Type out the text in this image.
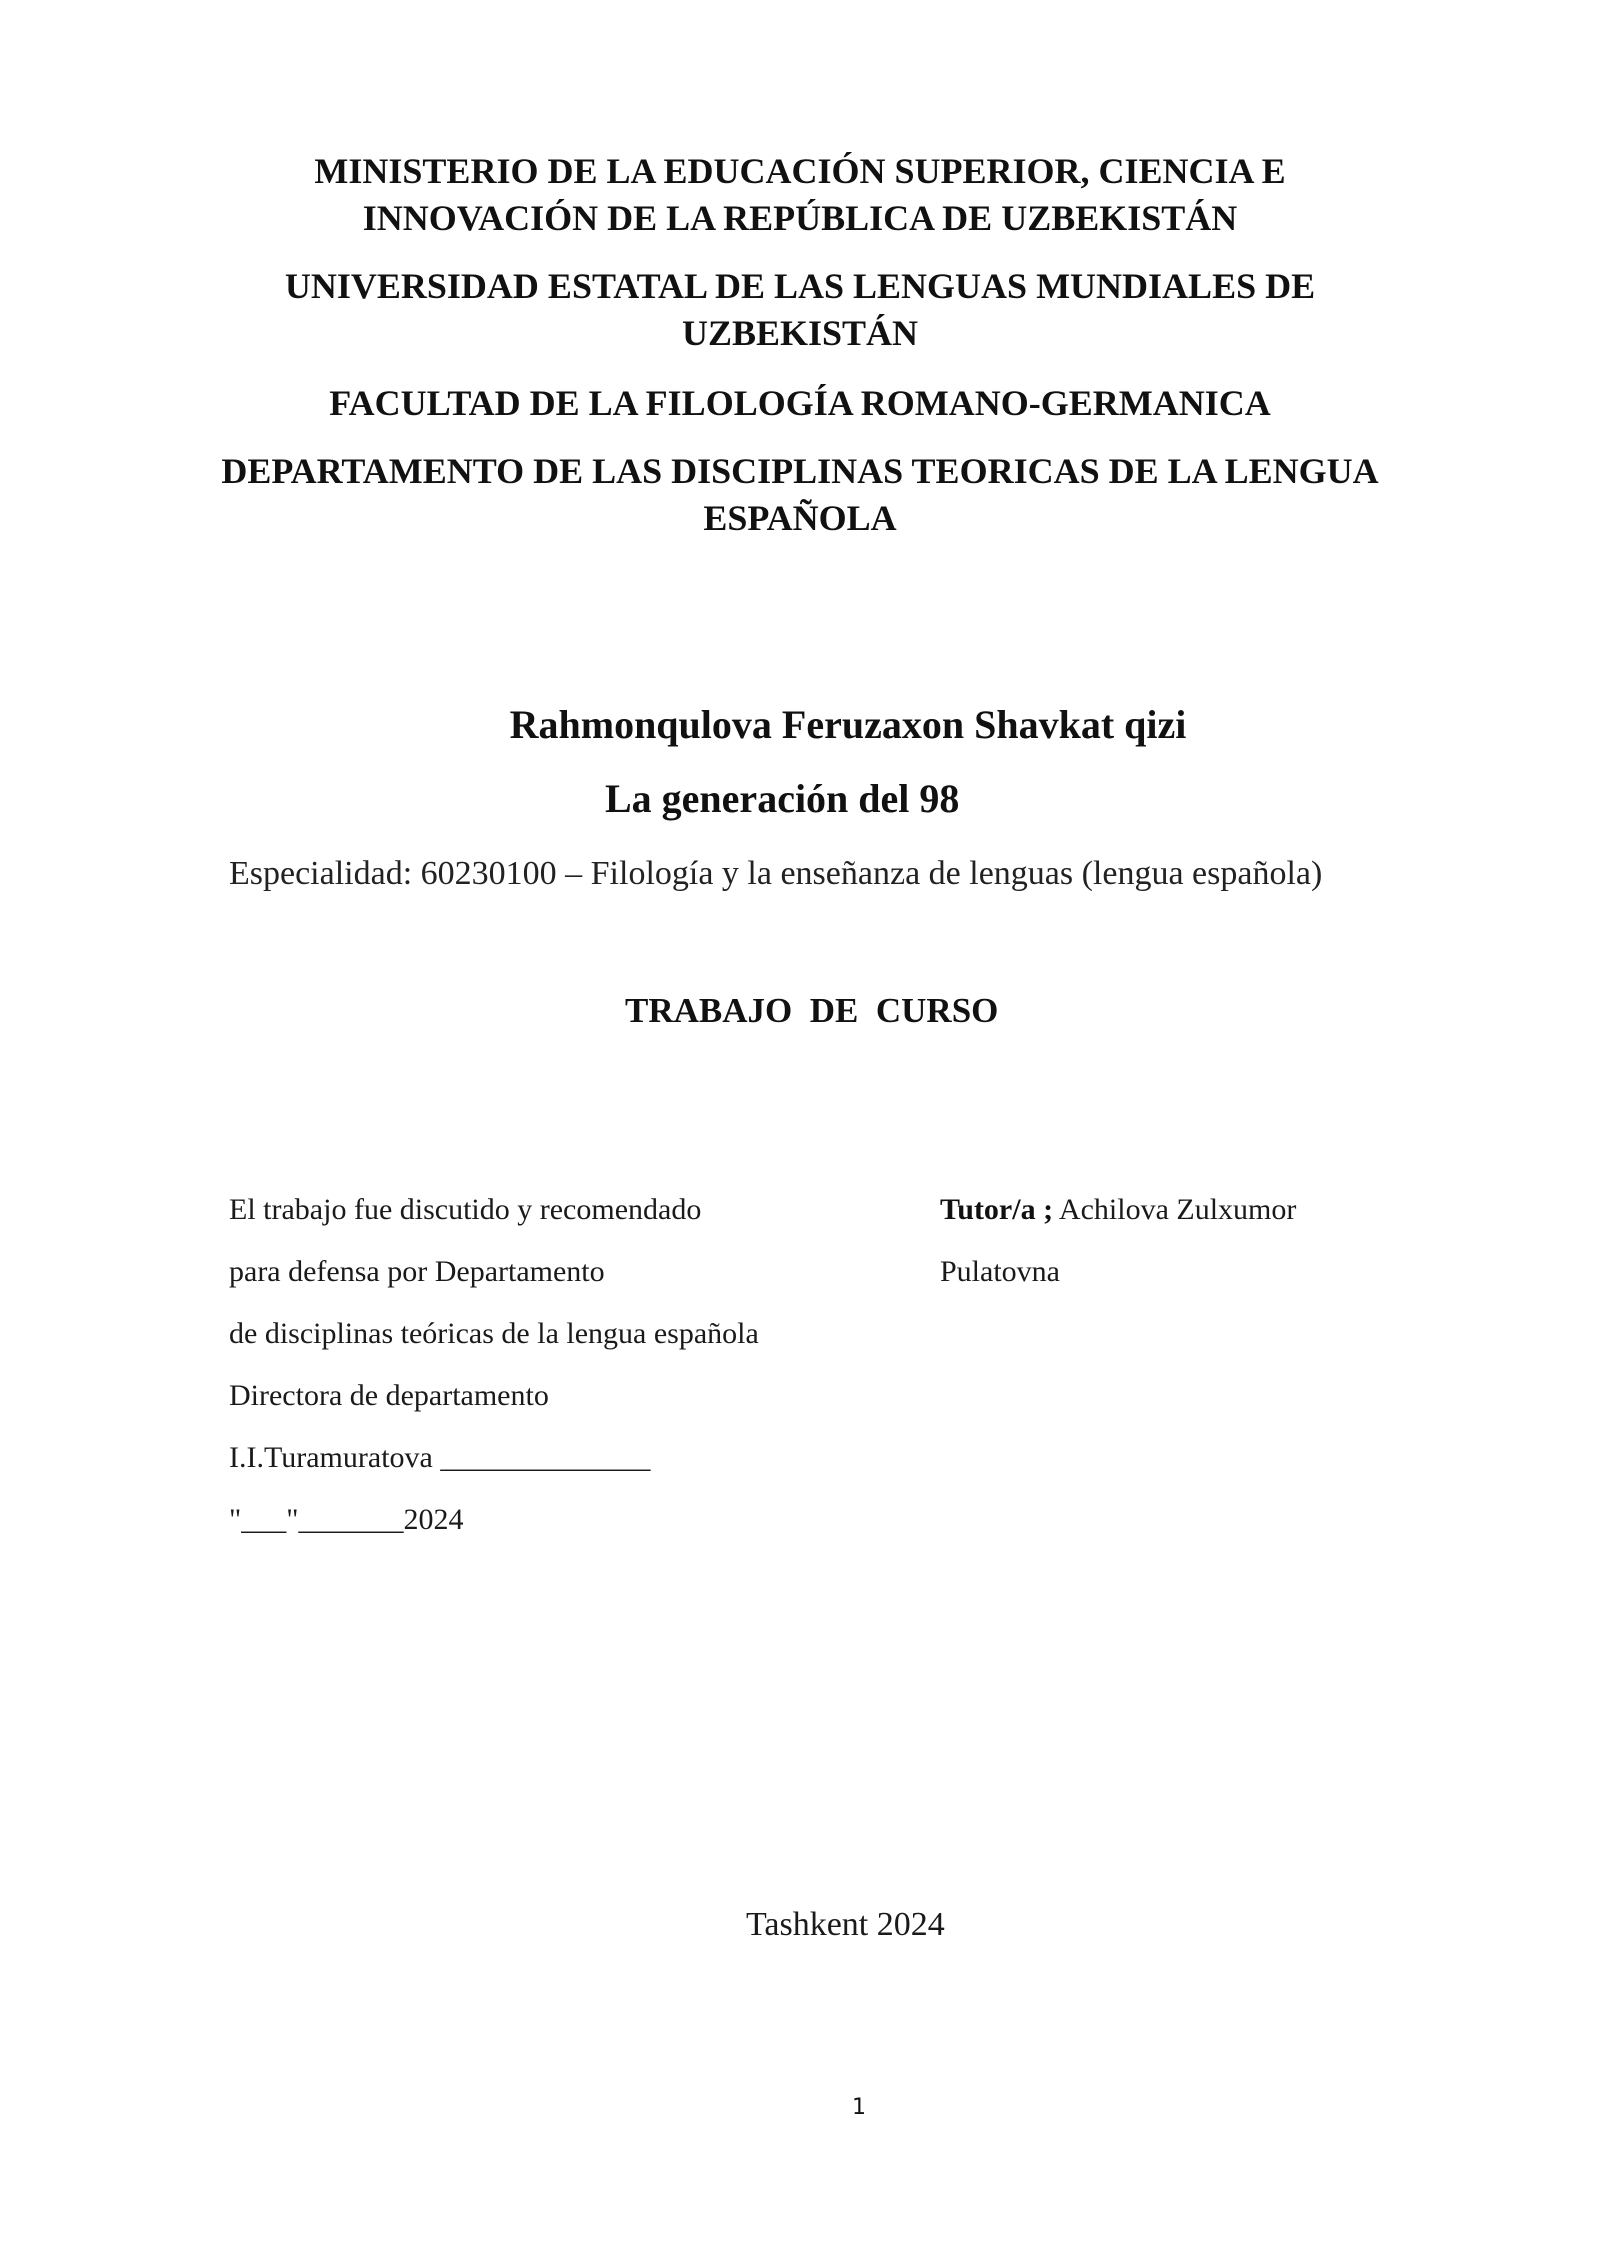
MINISTERIO DE LA EDUCACIÓN SUPERIOR, CIENCIA E
INNOVACIÓN DE LA REPÚBLICA DE UZBEKISTÁN
UNIVERSIDAD ESTATAL DE LAS LENGUAS MUNDIALES DE
UZBEKISTÁN
FACULTAD DE LA FILOLOGÍA ROMANO-GERMANICA
DEPARTAMENTO DE LAS DISCIPLINAS TEORICAS DE LA LENGUA
ESPAÑOLA
Rahmonqulova Feruzaxon Shavkat qizi
La generación del 98
Especialidad: 60230100 – Filología y la enseñanza de lenguas (lengua española)
TRABAJO  DE  CURSO
El trabajo fue discutido y recomendado
para defensa por Departamento
de disciplinas teóricas de la lengua española
Directora de departamento
I.I.Turamuratova ______________
"___"_______2024
Tutor/a ; Achilova Zulxumor
Pulatovna
Tashkent 2024
1
